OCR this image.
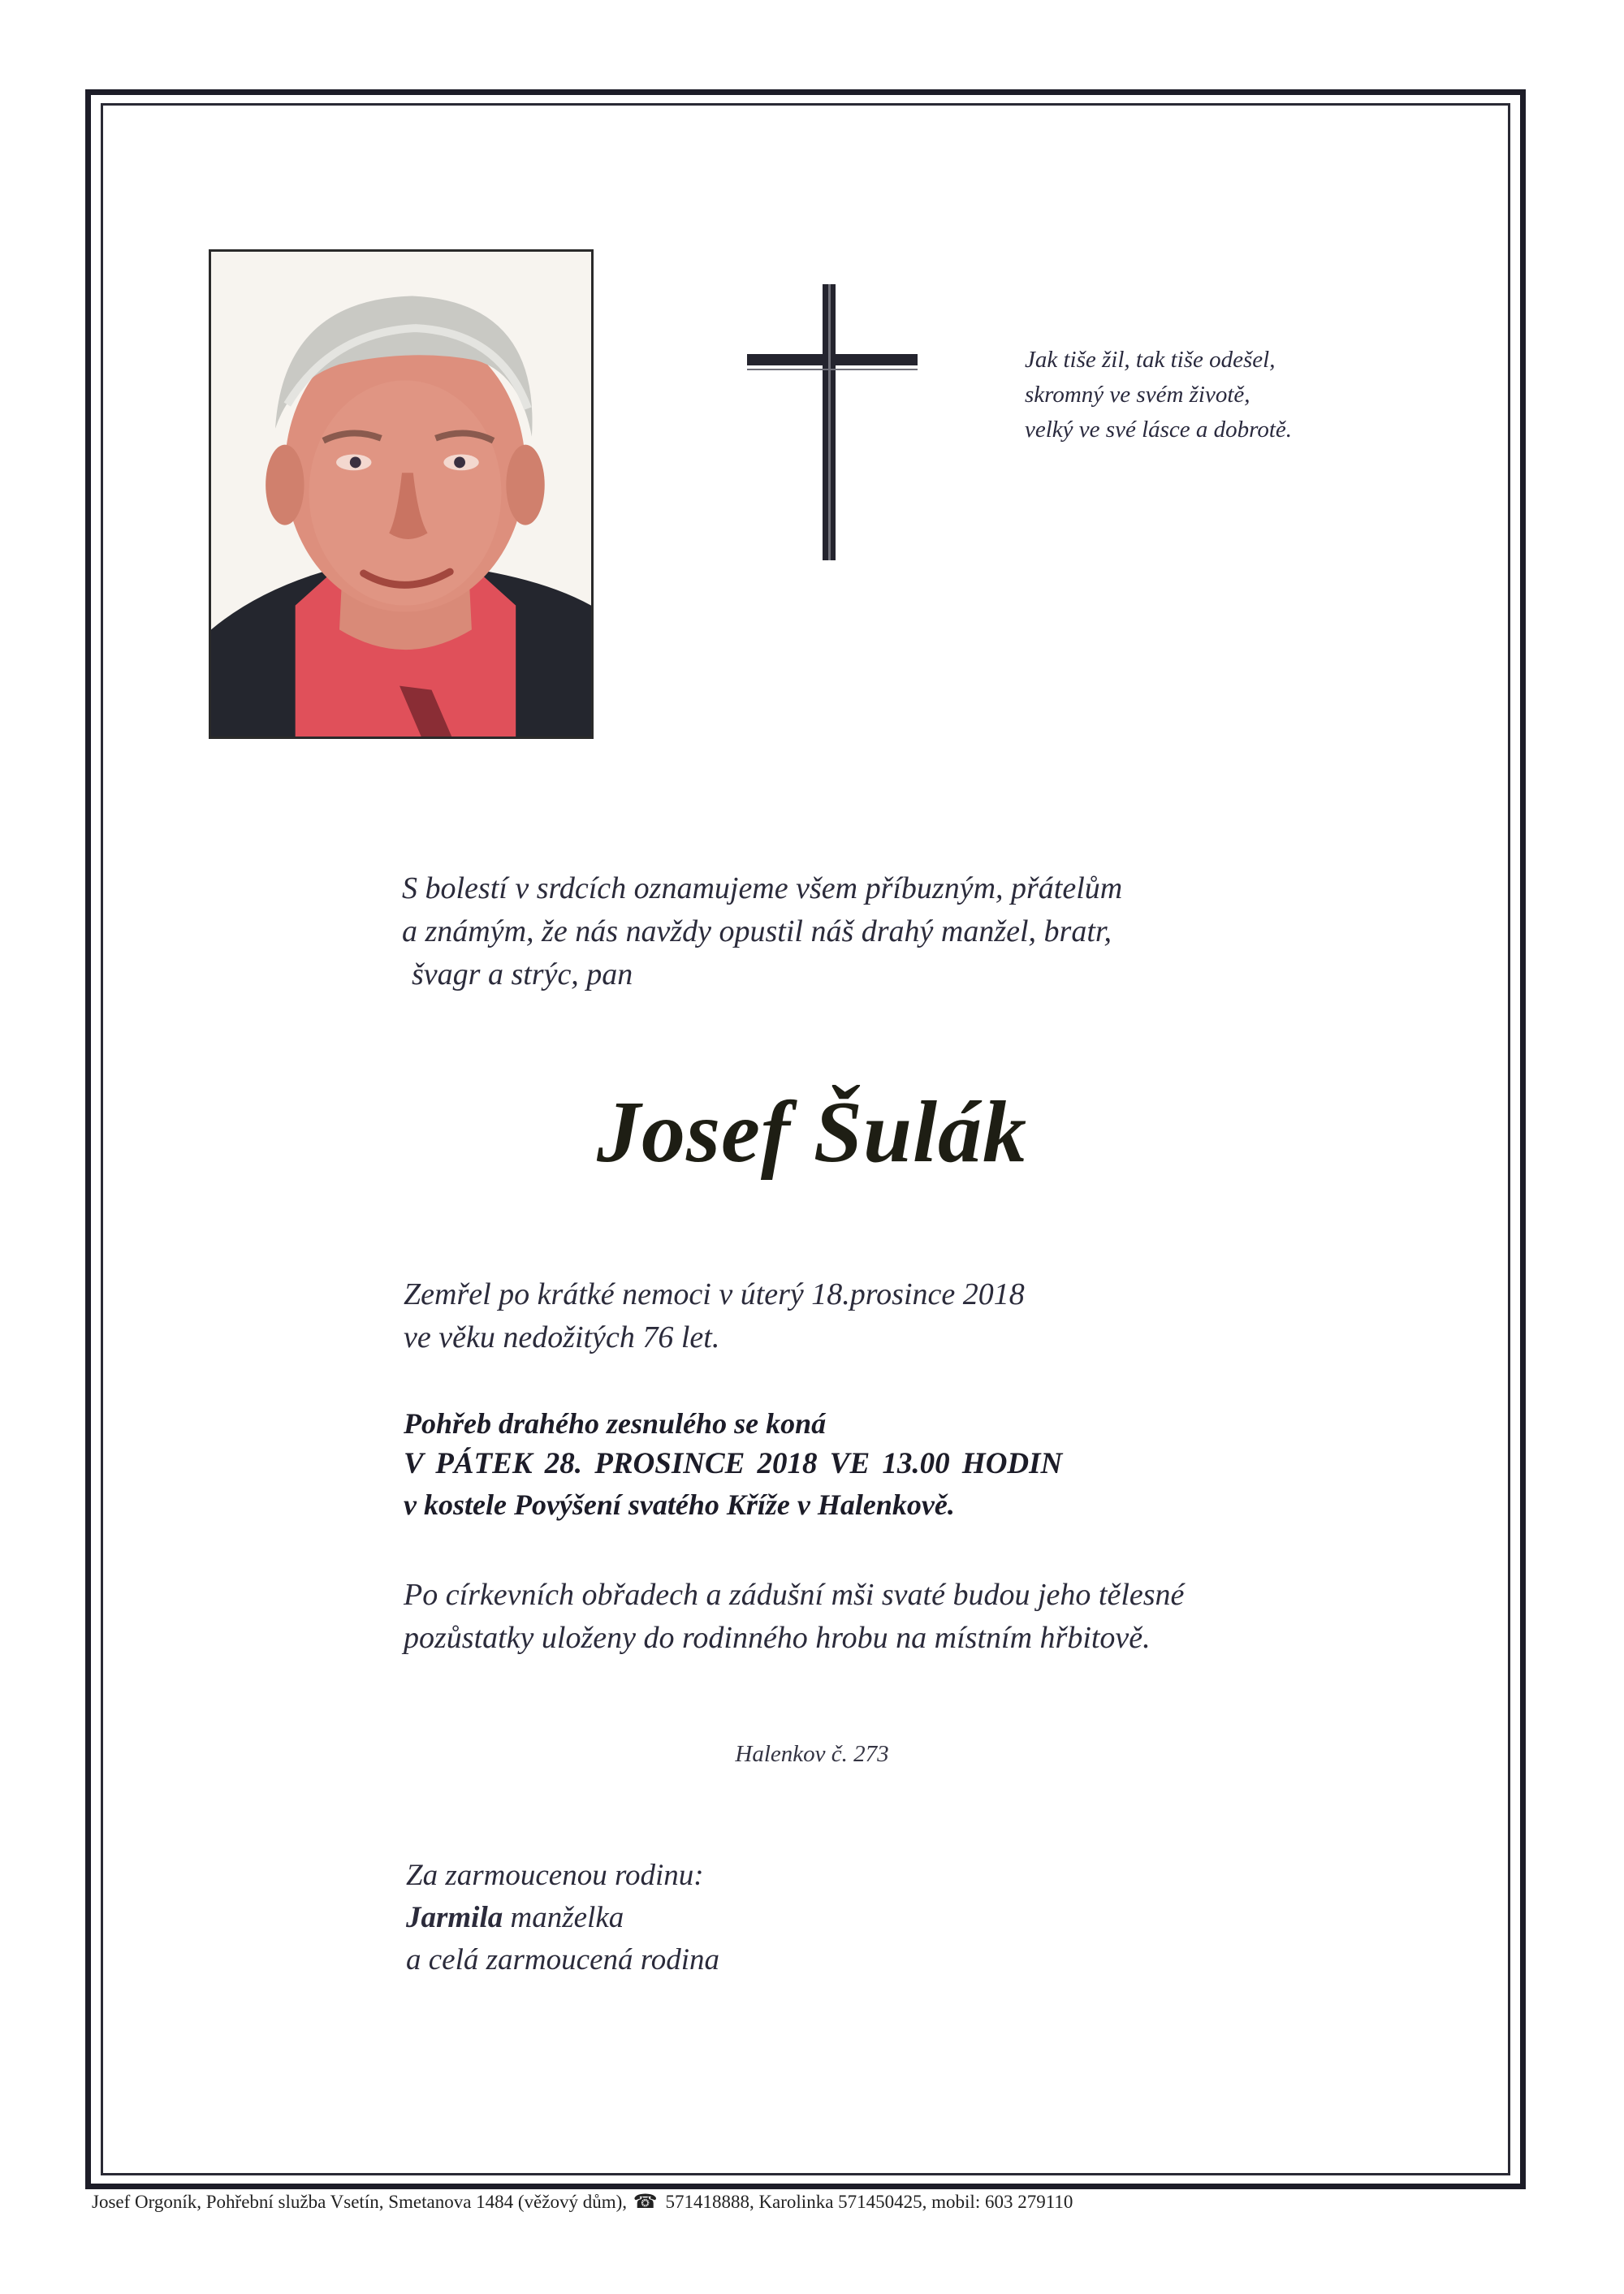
Jak tiše žil, tak tiše odešel,
skromný ve svém životě,
velký ve své lásce a dobrotě.
S bolestí v srdcích oznamujeme všem příbuzným, přátelům
a známým, že nás navždy opustil náš drahý manžel, bratr,
švagr a strýc, pan
Josef Šulák
Zemřel po krátké nemoci v úterý 18.prosince 2018
ve věku nedožitých 76 let.
Pohřeb drahého zesnulého se koná
V PÁTEK 28. PROSINCE 2018 VE 13.00 HODIN
v kostele Povýšení svatého Kříže v Halenkově.
Po církevních obřadech a zádušní mši svaté budou jeho tělesné
pozůstatky uloženy do rodinného hrobu na místním hřbitově.
Halenkov č. 273
Za zarmoucenou rodinu:
Jarmila manželka
a celá zarmoucená rodina
Josef Orgoník, Pohřební služba Vsetín, Smetanova 1484 (věžový dům), ☎ 571418888, Karolinka 571450425, mobil: 603 279110
